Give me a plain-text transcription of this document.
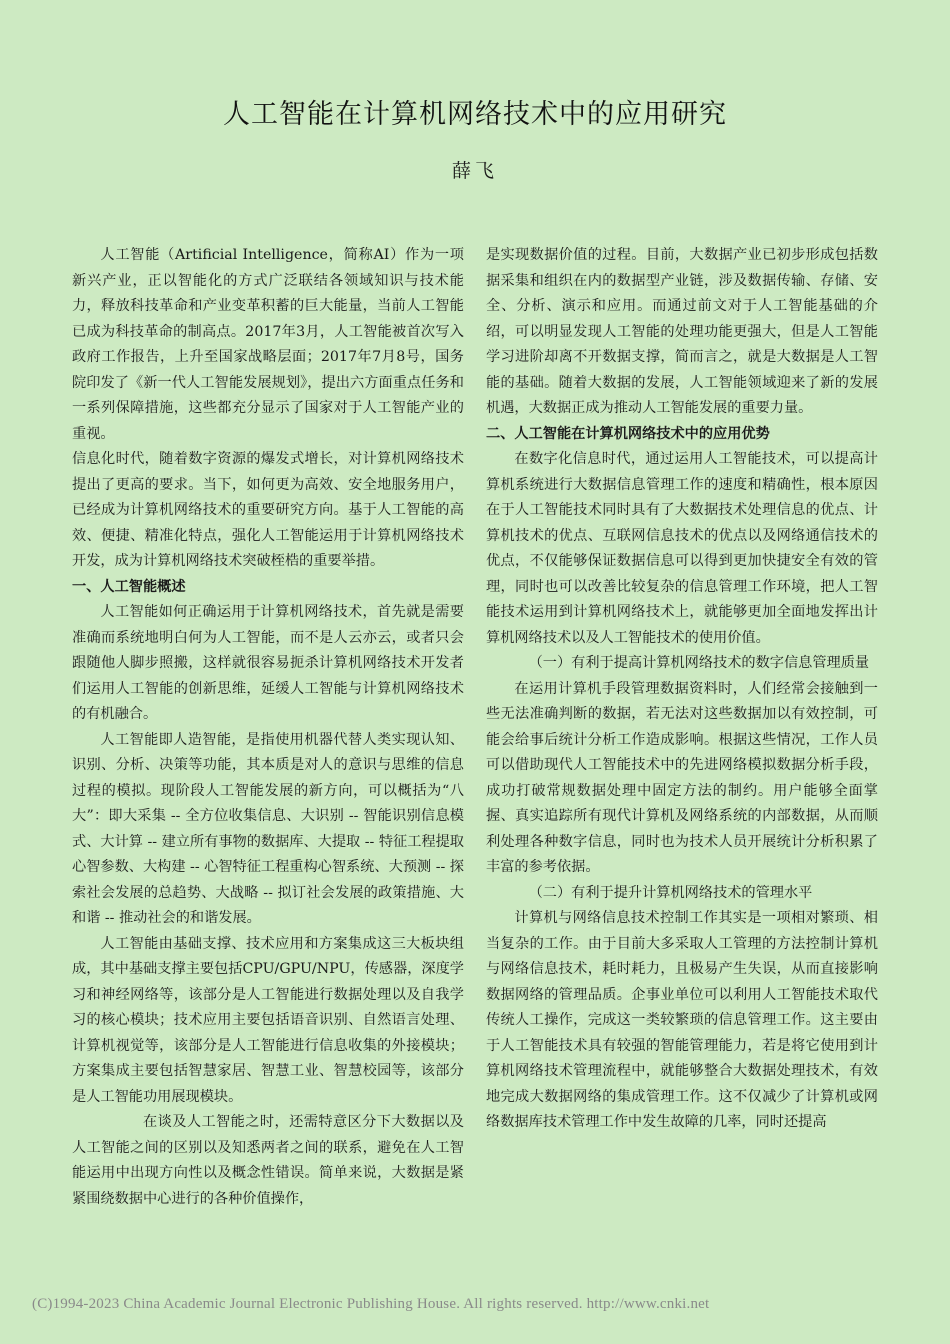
人工智能在计算机网络技术中的应用研究
薛飞

人工智能（Artificial Intelligence，简称AI）作为一项新兴产业，正以智能化的方式广泛联结各领域知识与技术能力，释放科技革命和产业变革积蓄的巨大能量，当前人工智能已成为科技革命的制高点。2017年3月，人工智能被首次写入政府工作报告，上升至国家战略层面；2017年7月8号，国务院印发了《新一代人工智能发展规划》，提出六方面重点任务和一系列保障措施，这些都充分显示了国家对于人工智能产业的重视。

信息化时代，随着数字资源的爆发式增长，对计算机网络技术提出了更高的要求。当下，如何更为高效、安全地服务用户，已经成为计算机网络技术的重要研究方向。基于人工智能的高效、便捷、精准化特点，强化人工智能运用于计算机网络技术开发，成为计算机网络技术突破桎梏的重要举措。

一、人工智能概述

人工智能如何正确运用于计算机网络技术，首先就是需要准确而系统地明白何为人工智能，而不是人云亦云，或者只会跟随他人脚步照搬，这样就很容易扼杀计算机网络技术开发者们运用人工智能的创新思维，延缓人工智能与计算机网络技术的有机融合。

人工智能即人造智能，是指使用机器代替人类实现认知、识别、分析、决策等功能，其本质是对人的意识与思维的信息过程的模拟。现阶段人工智能发展的新方向，可以概括为“八大”：即大采集 -- 全方位收集信息、大识别 -- 智能识别信息模式、大计算 -- 建立所有事物的数据库、大提取 -- 特征工程提取心智参数、大构建 -- 心智特征工程重构心智系统、大预测 -- 探索社会发展的总趋势、大战略 -- 拟订社会发展的政策措施、大和谐 -- 推动社会的和谐发展。

人工智能由基础支撑、技术应用和方案集成这三大板块组成，其中基础支撑主要包括CPU/GPU/NPU，传感器，深度学习和神经网络等，该部分是人工智能进行数据处理以及自我学习的核心模块；技术应用主要包括语音识别、自然语言处理、计算机视觉等，该部分是人工智能进行信息收集的外接模块；方案集成主要包括智慧家居、智慧工业、智慧校园等，该部分是人工智能功用展现模块。

在谈及人工智能之时，还需特意区分下大数据以及人工智能之间的区别以及知悉两者之间的联系，避免在人工智能运用中出现方向性以及概念性错误。简单来说，大数据是紧紧围绕数据中心进行的各种价值操作，

是实现数据价值的过程。目前，大数据产业已初步形成包括数据采集和组织在内的数据型产业链，涉及数据传输、存储、安全、分析、演示和应用。而通过前文对于人工智能基础的介绍，可以明显发现人工智能的处理功能更强大，但是人工智能学习进阶却离不开数据支撑，简而言之，就是大数据是人工智能的基础。随着大数据的发展，人工智能领域迎来了新的发展机遇，大数据正成为推动人工智能发展的重要力量。

二、人工智能在计算机网络技术中的应用优势

在数字化信息时代，通过运用人工智能技术，可以提高计算机系统进行大数据信息管理工作的速度和精确性，根本原因在于人工智能技术同时具有了大数据技术处理信息的优点、计算机技术的优点、互联网信息技术的优点以及网络通信技术的优点，不仅能够保证数据信息可以得到更加快捷安全有效的管理，同时也可以改善比较复杂的信息管理工作环境，把人工智能技术运用到计算机网络技术上，就能够更加全面地发挥出计算机网络技术以及人工智能技术的使用价值。

（一）有利于提高计算机网络技术的数字信息管理质量

在运用计算机手段管理数据资料时，人们经常会接触到一些无法准确判断的数据，若无法对这些数据加以有效控制，可能会给事后统计分析工作造成影响。根据这些情况，工作人员可以借助现代人工智能技术中的先进网络模拟数据分析手段，成功打破常规数据处理中固定方法的制约。用户能够全面掌握、真实追踪所有现代计算机及网络系统的内部数据，从而顺利处理各种数字信息，同时也为技术人员开展统计分析积累了丰富的参考依据。

（二）有利于提升计算机网络技术的管理水平

计算机与网络信息技术控制工作其实是一项相对繁琐、相当复杂的工作。由于目前大多采取人工管理的方法控制计算机与网络信息技术，耗时耗力，且极易产生失误，从而直接影响数据网络的管理品质。企事业单位可以利用人工智能技术取代传统人工操作，完成这一类较繁琐的信息管理工作。这主要由于人工智能技术具有较强的智能管理能力，若是将它使用到计算机网络技术管理流程中，就能够整合大数据处理技术，有效地完成大数据网络的集成管理工作。这不仅减少了计算机或网络数据库技术管理工作中发生故障的几率，同时还提高

(C)1994-2023 China Academic Journal Electronic Publishing House. All rights reserved. http://www.cnki.net
